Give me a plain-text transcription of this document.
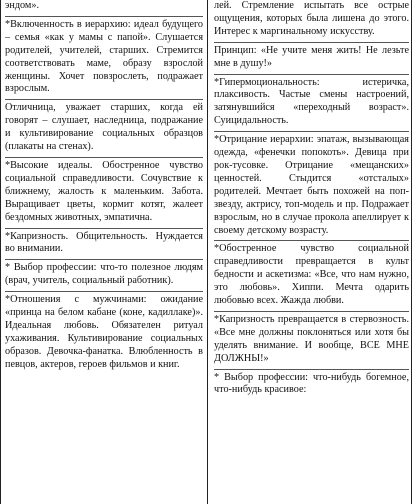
эндом».

*Включенность в иерархию: идеал будущего – семья «как у мамы с папой». Слушается родителей, учителей, старших. Стремится соответствовать маме, образу взрослой женщины. Хочет повзрослеть, подражает взрослым.

Отличница, уважает старших, когда ей говорят – слушает, наследница, подражание и культивирование социальных образцов (плакаты на стенах).

*Высокие идеалы. Обостренное чувство социальной справедливости. Сочувствие к ближнему, жалость к маленьким. Забота. Выращивает цветы, кормит котят, жалеет бездомных животных, эмпатична.

*Капризность. Общительность. Нуждается во внимании.

* Выбор профессии: что-то полезное людям (врач, учитель, социальный работник).

*Отношения с мужчинами: ожидание «принца на белом кабане (коне, кадиллаке)». Идеальная любовь. Обязателен ритуал ухаживания. Культивирование социальных образов. Девочка-фанатка. Влюбленность в певцов, актеров, героев фильмов и книг.

лей. Стремление испытать все острые ощущения, которых была лишена до этого. Интерес к маргинальному искусству.

Принцип: «Не учите меня жить! Не лезьте мне в душу!»

*Гипермоциональность: истеричка, плаксивость. Частые смены настроений, затянувшийся «переходный возраст». Суицидальность.

*Отрицание иерархии: эпатаж, вызывающая одежда, «фенечки попокоть». Девица при рок-тусовке. Отрицание «мещанских» ценностей. Стыдится «отсталых» родителей. Мечтает быть похожей на поп-звезду, актрису, топ-модель и пр. Подражает взрослым, но в случае прокола апеллирует к своему детскому возрасту.

*Обостренное чувство социальной справедливости превращается в культ бедности и аскетизма: «Все, что нам нужно, это любовь». Хиппи. Мечта одарить любовью всех. Жажда любви.

*Капризность превращается в стервозность. «Все мне должны поклоняться или хотя бы уделять внимание. И вообще, ВСЕ МНЕ ДОЛЖНЫ!»

* Выбор профессии: что-нибудь богемное, что-нибудь красивое:
